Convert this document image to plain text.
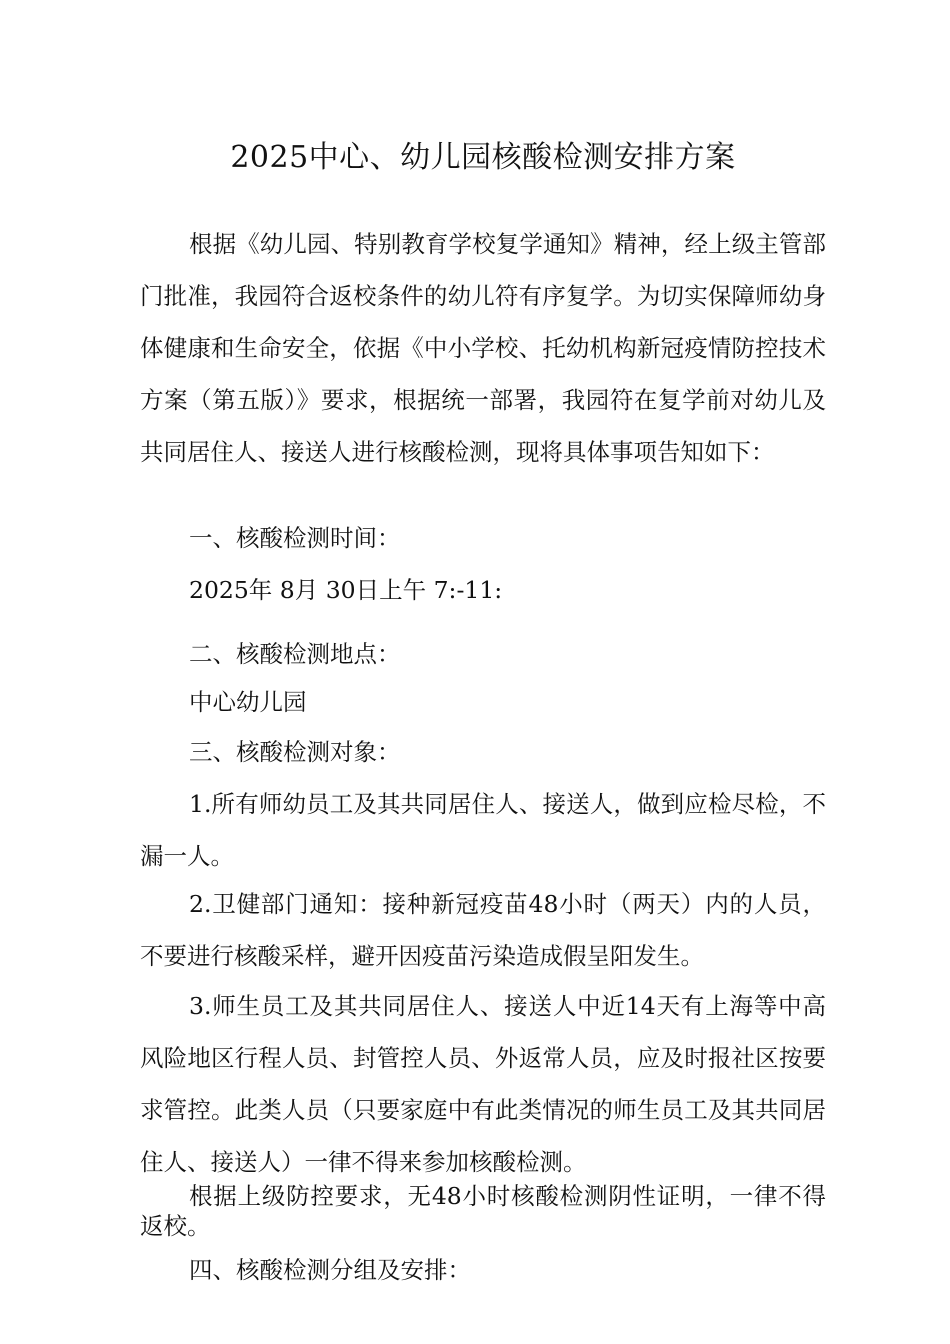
2025中心、幼儿园核酸检测安排方案

根据《幼儿园、特别教育学校复学通知》精神，经上级主管部门批准，我园符合返校条件的幼儿符有序复学。为切实保障师幼身体健康和生命安全，依据《中小学校、托幼机构新冠疫情防控技术方案（第五版）》要求，根据统一部署，我园符在复学前对幼儿及共同居住人、接送人进行核酸检测，现将具体事项告知如下：

一、核酸检测时间：
2025年 8月 30日上午 7:-11:
二、核酸检测地点：
中心幼儿园
三、核酸检测对象：

1.所有师幼员工及其共同居住人、接送人，做到应检尽检，不漏一人。

2.卫健部门通知：接种新冠疫苗48小时（两天）内的人员，不要进行核酸采样，避开因疫苗污染造成假呈阳发生。

3.师生员工及其共同居住人、接送人中近14天有上海等中高风险地区行程人员、封管控人员、外返常人员，应及时报社区按要求管控。此类人员（只要家庭中有此类情况的师生员工及其共同居住人、接送人）一律不得来参加核酸检测。

根据上级防控要求，无48小时核酸检测阴性证明，一律不得返校。

四、核酸检测分组及安排：
